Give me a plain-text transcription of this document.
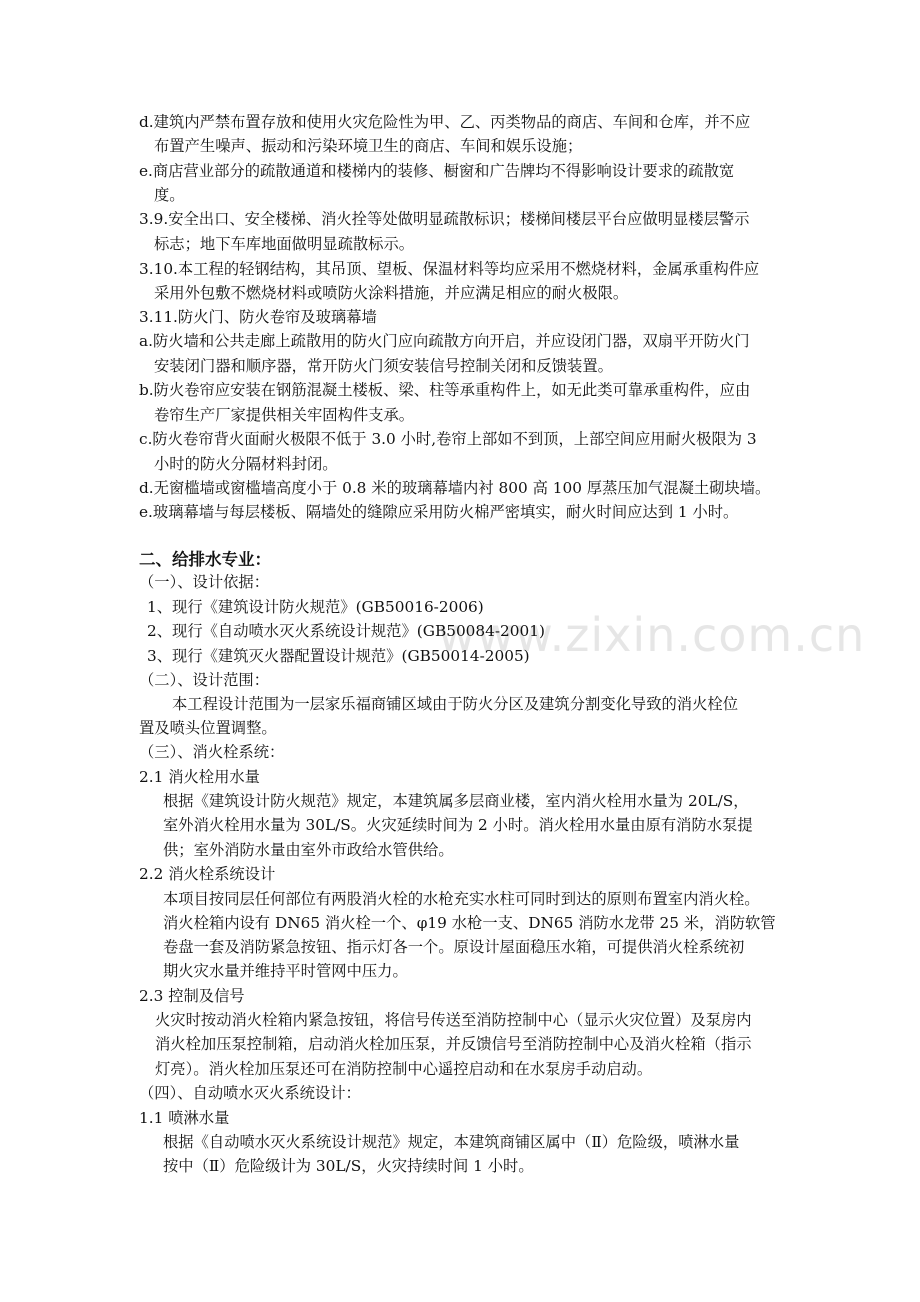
www.zixin.com.cn
d.建筑内严禁布置存放和使用火灾危险性为甲、乙、丙类物品的商店、车间和仓库，并不应
布置产生噪声、振动和污染环境卫生的商店、车间和娱乐设施；
e.商店营业部分的疏散通道和楼梯内的装修、橱窗和广告牌均不得影响设计要求的疏散宽
度。
3.9.安全出口、安全楼梯、消火拴等处做明显疏散标识；楼梯间楼层平台应做明显楼层警示
标志；地下车库地面做明显疏散标示。
3.10.本工程的轻钢结构，其吊顶、望板、保温材料等均应采用不燃烧材料，金属承重构件应
采用外包敷不燃烧材料或喷防火涂料措施，并应满足相应的耐火极限。
3.11.防火门、防火卷帘及玻璃幕墙
a.防火墙和公共走廊上疏散用的防火门应向疏散方向开启，并应设闭门器，双扇平开防火门
安装闭门器和顺序器，常开防火门须安装信号控制关闭和反馈装置。
b.防火卷帘应安装在钢筋混凝土楼板、梁、柱等承重构件上，如无此类可靠承重构件，应由
卷帘生产厂家提供相关牢固构件支承。
c.防火卷帘背火面耐火极限不低于 3.0 小时,卷帘上部如不到顶，上部空间应用耐火极限为 3
小时的防火分隔材料封闭。
d.无窗槛墙或窗槛墙高度小于 0.8 米的玻璃幕墙内衬 800 高 100 厚蒸压加气混凝土砌块墙。
e.玻璃幕墙与每层楼板、隔墙处的缝隙应采用防火棉严密填实，耐火时间应达到 1 小时。
二、给排水专业：
（一）、设计依据：
1、现行《建筑设计防火规范》(GB50016-2006)
2、现行《自动喷水灭火系统设计规范》(GB50084-2001)
3、现行《建筑灭火器配置设计规范》(GB50014-2005)
（二）、设计范围：
本工程设计范围为一层家乐福商铺区域由于防火分区及建筑分割变化导致的消火栓位
置及喷头位置调整。
（三）、消火栓系统：
2.1 消火栓用水量
根据《建筑设计防火规范》规定，本建筑属多层商业楼，室内消火栓用水量为 20L/S，
室外消火栓用水量为 30L/S。火灾延续时间为 2 小时。消火栓用水量由原有消防水泵提
供；室外消防水量由室外市政给水管供给。
2.2 消火栓系统设计
本项目按同层任何部位有两股消火栓的水枪充实水柱可同时到达的原则布置室内消火栓。
消火栓箱内设有 DN65 消火栓一个、φ19 水枪一支、DN65 消防水龙带 25 米，消防软管
卷盘一套及消防紧急按钮、指示灯各一个。原设计屋面稳压水箱，可提供消火栓系统初
期火灾水量并维持平时管网中压力。
2.3 控制及信号
火灾时按动消火栓箱内紧急按钮，将信号传送至消防控制中心（显示火灾位置）及泵房内
消火栓加压泵控制箱，启动消火栓加压泵，并反馈信号至消防控制中心及消火栓箱（指示
灯亮）。消火栓加压泵还可在消防控制中心遥控启动和在水泵房手动启动。
（四）、自动喷水灭火系统设计：
1.1 喷淋水量
根据《自动喷水灭火系统设计规范》规定，本建筑商铺区属中（Ⅱ）危险级，喷淋水量
按中（Ⅱ）危险级计为 30L/S，火灾持续时间 1 小时。
